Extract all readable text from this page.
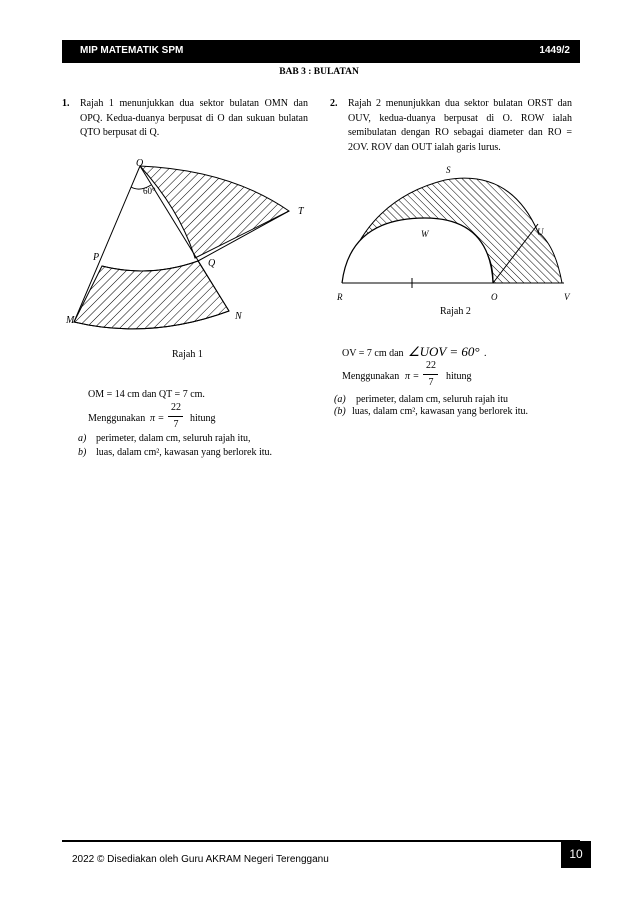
MIP MATEMATIK SPM	1449/2
BAB 3 : BULATAN
1. Rajah 1 menunjukkan dua sektor bulatan OMN dan OPQ. Kedua-duanya berpusat di O dan sukuan bulatan QTO berpusat di Q.
O
60°
T
P
Q
M	N
Rajah 1
OM = 14 cm dan QT = 7 cm.
Menggunakan π =
22
7
hitung
a) perimeter, dalam cm, seluruh rajah itu,
b) luas, dalam cm², kawasan yang berlorek itu.
2. Rajah 2 menunjukkan dua sektor bulatan ORST dan OUV, kedua-duanya berpusat di O. ROW ialah semibulatan dengan RO sebagai diameter dan RO = 2OV. ROV dan OUT ialah garis lurus.
S
W	U
R	O	V
Rajah 2
OV = 7 cm dan ∠UOV = 60° .
Menggunakan π =
22
7
hitung
(a) perimeter, dalam cm, seluruh rajah itu
(b) luas, dalam cm², kawasan yang berlorek itu.
2022 © Disediakan oleh Guru AKRAM Negeri Terengganu	10
